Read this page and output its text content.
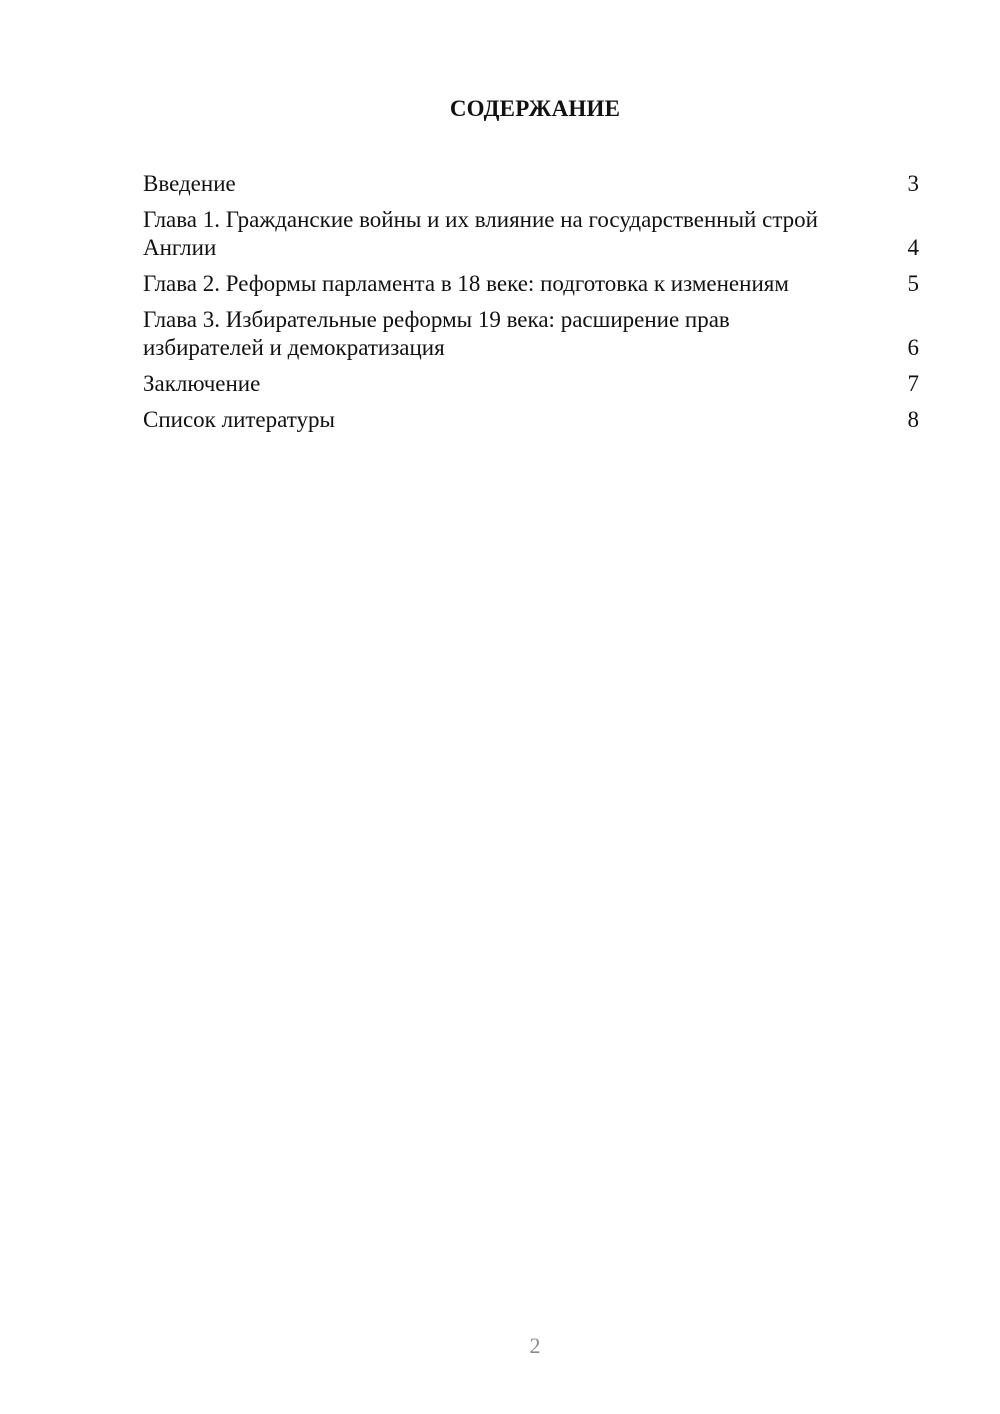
СОДЕРЖАНИЕ
Введение	3
Глава 1. Гражданские войны и их влияние на государственный строй Англии	4
Глава 2. Реформы парламента в 18 веке: подготовка к изменениям	5
Глава 3. Избирательные реформы 19 века: расширение прав избирателей и демократизация	6
Заключение	7
Список литературы	8
2
